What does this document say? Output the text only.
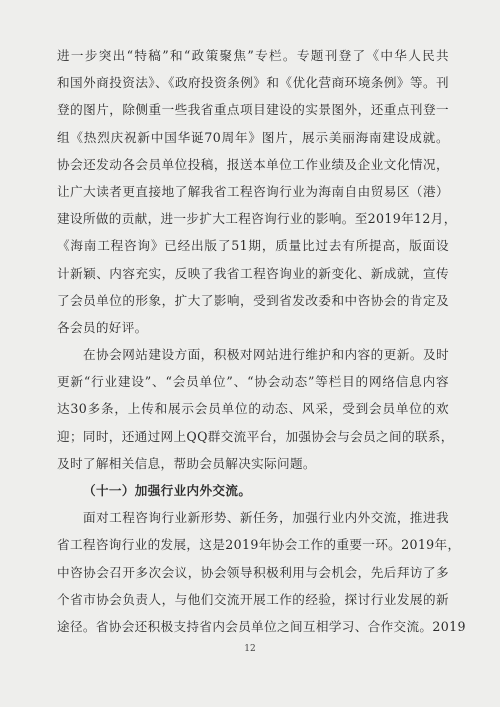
进一步突出“特稿”和“政策聚焦”专栏。专题刊登了《中华人民共
和国外商投资法》、《政府投资条例》和《优化营商环境条例》等。刊
登的图片，除侧重一些我省重点项目建设的实景图外，还重点刊登一
组《热烈庆祝新中国华诞70周年》图片，展示美丽海南建设成就。
协会还发动各会员单位投稿，报送本单位工作业绩及企业文化情况，
让广大读者更直接地了解我省工程咨询行业为海南自由贸易区（港）
建设所做的贡献，进一步扩大工程咨询行业的影响。至2019年12月，
《海南工程咨询》已经出版了51期，质量比过去有所提高，版面设
计新颖、内容充实，反映了我省工程咨询业的新变化、新成就，宣传
了会员单位的形象，扩大了影响，受到省发改委和中咨协会的肯定及
各会员的好评。
在协会网站建设方面，积极对网站进行维护和内容的更新。及时
更新“行业建设”、“会员单位”、“协会动态”等栏目的网络信息内容
达30多条，上传和展示会员单位的动态、风采，受到会员单位的欢
迎；同时，还通过网上QQ群交流平台，加强协会与会员之间的联系，
及时了解相关信息，帮助会员解决实际问题。
（十一）加强行业内外交流。
面对工程咨询行业新形势、新任务，加强行业内外交流，推进我
省工程咨询行业的发展，这是2019年协会工作的重要一环。2019年，
中咨协会召开多次会议，协会领导积极利用与会机会，先后拜访了多
个省市协会负责人，与他们交流开展工作的经验，探讨行业发展的新
途径。省协会还积极支持省内会员单位之间互相学习、合作交流。2019
12
